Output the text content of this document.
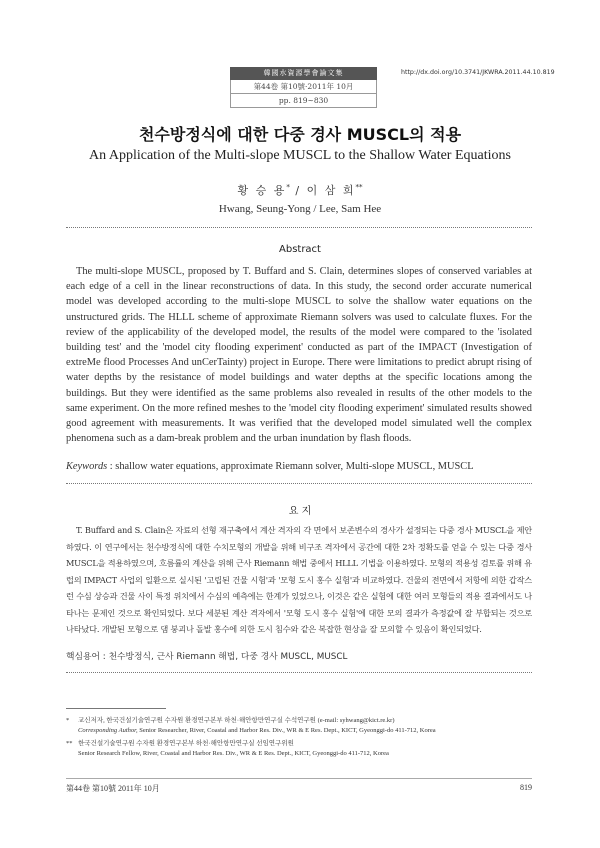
韓國水資源學會論文集
第44卷 第10號·2011年 10月
pp. 819~830
http://dx.doi.org/10.3741/JKWRA.2011.44.10.819
천수방정식에 대한 다중 경사 MUSCL의 적용
An Application of the Multi-slope MUSCL to the Shallow Water Equations
황 승 용* / 이 삼 희**
Hwang, Seung-Yong / Lee, Sam Hee
Abstract

The multi-slope MUSCL, proposed by T. Buffard and S. Clain, determines slopes of conserved variables at each edge of a cell in the linear reconstructions of data. In this study, the second order accurate numerical model was developed according to the multi-slope MUSCL to solve the shallow water equations on the unstructured grids. The HLLL scheme of approximate Riemann solvers was used to calculate fluxes. For the review of the applicability of the developed model, the results of the model were compared to the 'isolated building test' and the 'model city flooding experiment' conducted as part of the IMPACT (Investigation of extreMe flood Processes And unCerTainty) project in Europe. There were limitations to predict abrupt rising of water depths by the resistance of model buildings and water depths at the specific locations among the buildings. But they were identified as the same problems also revealed in results of the other models to the same experiment. On the more refined meshes to the 'model city flooding experiment' simulated results showed good agreement with measurements. It was verified that the developed model simulated well the complex phenomena such as a dam-break problem and the urban inundation by flash floods.

Keywords : shallow water equations, approximate Riemann solver, Multi-slope MUSCL, MUSCL
요 지

T. Buffard and S. Clain은 자료의 선형 재구축에서 계산 격자의 각 면에서 보존변수의 경사가 설정되는 다중 경사 MUSCL을 제안하였다. 이 연구에서는 천수방정식에 대한 수치모형의 개발을 위해 비구조 격자에서 공간에 대한 2차 정확도를 얻을 수 있는 다중 경사 MUSCL을 적용하였으며, 흐름률의 계산을 위해 근사 Riemann 해법 중에서 HLLL 기법을 이용하였다. 모형의 적용성 검토를 위해 유럽의 IMPACT 사업의 일환으로 실시된 '고립된 건물 시험'과 '모형 도시 홍수 실험'과 비교하였다. 건물의 전면에서 저항에 의한 갑작스런 수심 상승과 건물 사이 특정 위치에서 수심의 예측에는 한계가 있었으나, 이것은 같은 실험에 대한 여러 모형들의 적용 결과에서도 나타나는 문제인 것으로 확인되었다. 보다 세분된 계산 격자에서 '모형 도시 홍수 실험'에 대한 모의 결과가 측정값에 잘 부합되는 것으로 나타났다. 개발된 모형으로 댐 붕괴나 돌발 홍수에 의한 도시 침수와 같은 복잡한 현상을 잘 모의할 수 있음이 확인되었다.

핵심용어 : 천수방정식, 근사 Riemann 해법, 다중 경사 MUSCL, MUSCL
* 교신저자, 한국건설기술연구원 수자원 환경연구본부 하천·해안항만연구실 수석연구원 (e-mail: syhwang@kict.re.kr)
Corresponding Author, Senior Researcher, River, Coastal and Harbor Res. Div., WR & E Res. Dept., KICT, Gyeonggi-do 411-712, Korea
** 한국건설기술연구원 수자원 환경연구본부 하천·해안항만연구실 선임연구위원
Senior Research Fellow, River, Coastal and Harbor Res. Div., WR & E Res. Dept., KICT, Gyeonggi-do 411-712, Korea
第44卷 第10號 2011年 10月	819
